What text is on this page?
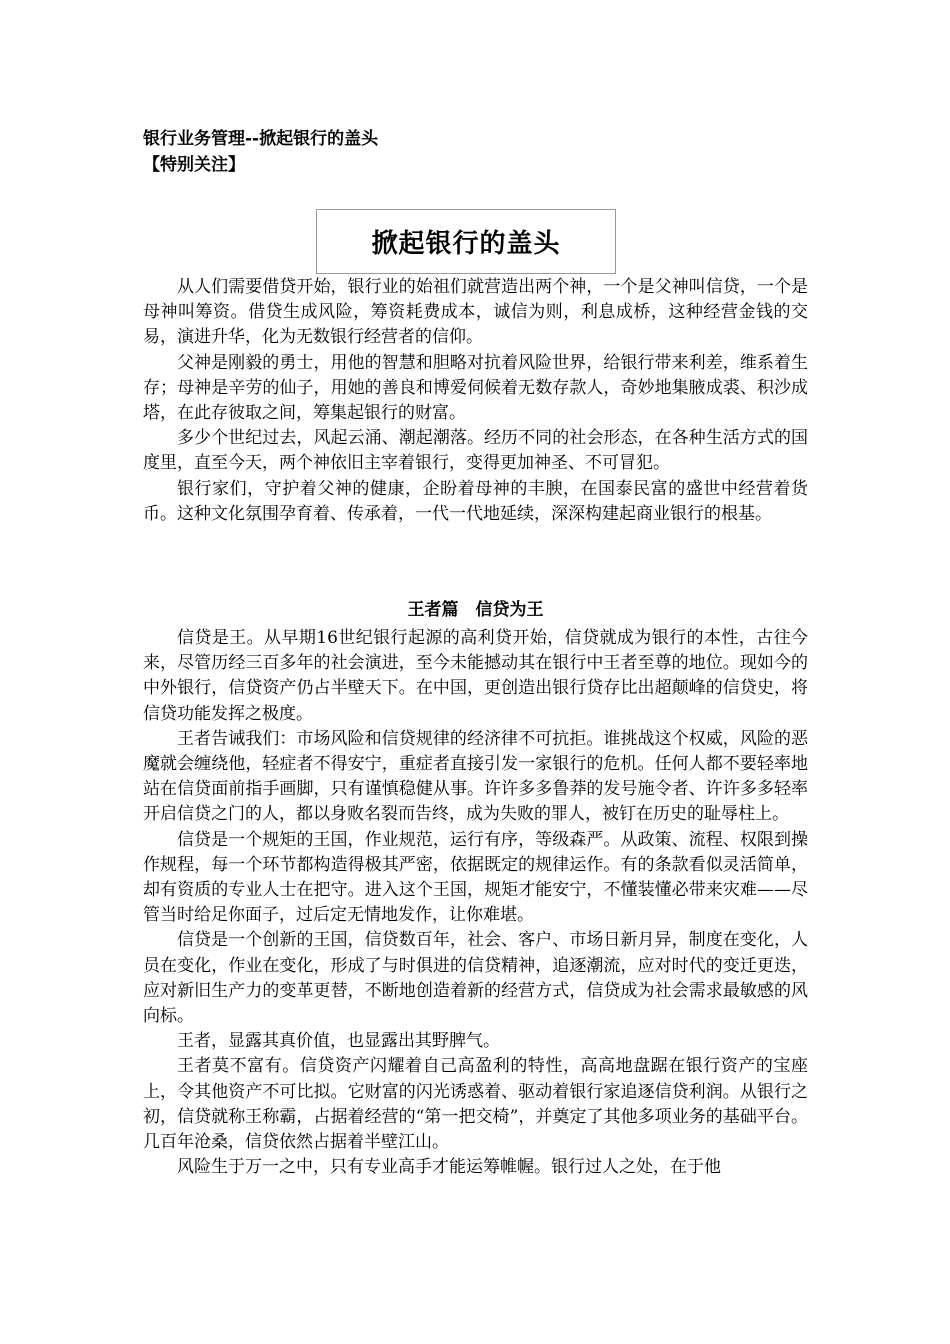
银行业务管理--掀起银行的盖头
【特别关注】
掀起银行的盖头

从人们需要借贷开始，银行业的始祖们就营造出两个神，一个是父神叫信贷，一个是母神叫筹资。借贷生成风险，筹资耗费成本，诚信为则，利息成桥，这种经营金钱的交易，演进升华，化为无数银行经营者的信仰。

父神是刚毅的勇士，用他的智慧和胆略对抗着风险世界，给银行带来利差，维系着生存；母神是辛劳的仙子，用她的善良和博爱伺候着无数存款人，奇妙地集腋成裘、积沙成塔，在此存彼取之间，筹集起银行的财富。

多少个世纪过去，风起云涌、潮起潮落。经历不同的社会形态，在各种生活方式的国度里，直至今天，两个神依旧主宰着银行，变得更加神圣、不可冒犯。

银行家们，守护着父神的健康，企盼着母神的丰腴，在国泰民富的盛世中经营着货币。这种文化氛围孕育着、传承着，一代一代地延续，深深构建起商业银行的根基。

王者篇　信贷为王

信贷是王。从早期16世纪银行起源的高利贷开始，信贷就成为银行的本性，古往今来，尽管历经三百多年的社会演进，至今未能撼动其在银行中王者至尊的地位。现如今的中外银行，信贷资产仍占半壁天下。在中国，更创造出银行贷存比出超颠峰的信贷史，将信贷功能发挥之极度。

王者告诫我们：市场风险和信贷规律的经济律不可抗拒。谁挑战这个权威，风险的恶魔就会缠绕他，轻症者不得安宁，重症者直接引发一家银行的危机。任何人都不要轻率地站在信贷面前指手画脚，只有谨慎稳健从事。许许多多鲁莽的发号施令者、许许多多轻率开启信贷之门的人，都以身败名裂而告终，成为失败的罪人，被钉在历史的耻辱柱上。

信贷是一个规矩的王国，作业规范，运行有序，等级森严。从政策、流程、权限到操作规程，每一个环节都构造得极其严密，依据既定的规律运作。有的条款看似灵活简单，却有资质的专业人士在把守。进入这个王国，规矩才能安宁，不懂装懂必带来灾难——尽管当时给足你面子，过后定无情地发作，让你难堪。

信贷是一个创新的王国，信贷数百年，社会、客户、市场日新月异，制度在变化，人员在变化，作业在变化，形成了与时俱进的信贷精神，追逐潮流，应对时代的变迁更迭，应对新旧生产力的变革更替，不断地创造着新的经营方式，信贷成为社会需求最敏感的风向标。

王者，显露其真价值，也显露出其野脾气。

王者莫不富有。信贷资产闪耀着自己高盈利的特性，高高地盘踞在银行资产的宝座上，令其他资产不可比拟。它财富的闪光诱惑着、驱动着银行家追逐信贷利润。从银行之初，信贷就称王称霸，占据着经营的“第一把交椅”，并奠定了其他多项业务的基础平台。几百年沧桑，信贷依然占据着半壁江山。

风险生于万一之中，只有专业高手才能运筹帷幄。银行过人之处，在于他
